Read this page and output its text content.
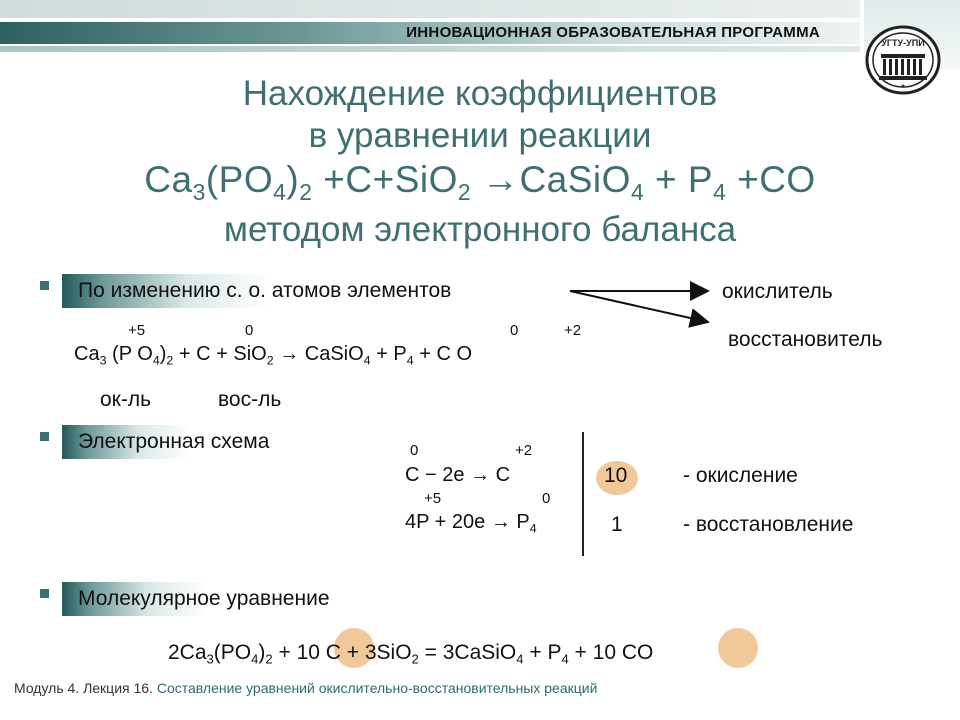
ИННОВАЦИОННАЯ ОБРАЗОВАТЕЛЬНАЯ ПРОГРАММА
УГТУ-УПИ
✦
Нахождение коэффициентов
в уравнении реакции
$Ca_3(PO_4)_2 +C+SiO_2$ →CaSiO$_4$ + $P_4 +CO$
методом электронного баланса
По изменению с. о. атомов элементов	окислитель
восстановитель
+5	0	0	+2
$Ca_3$ (P $O_4)_2 + C + SiO_2$ → CaSiO$_4$ + $P_4 + C$ O
ок-ль	вос-ль
Электронная схема	0	+2
C − 2e → C
+5	0
$4P + 20e \to P_4$
10
1
- окисление
- восстановление
Молекулярное уравнение
$2Ca_3(PO_4)_2 + 10$ C + 3SiO$_2$ = 3CaSiO$_4$ + $P_4 + 10$ CO
Модуль 4. Лекция 16. Составление уравнений окислительно-восстановительных реакций
